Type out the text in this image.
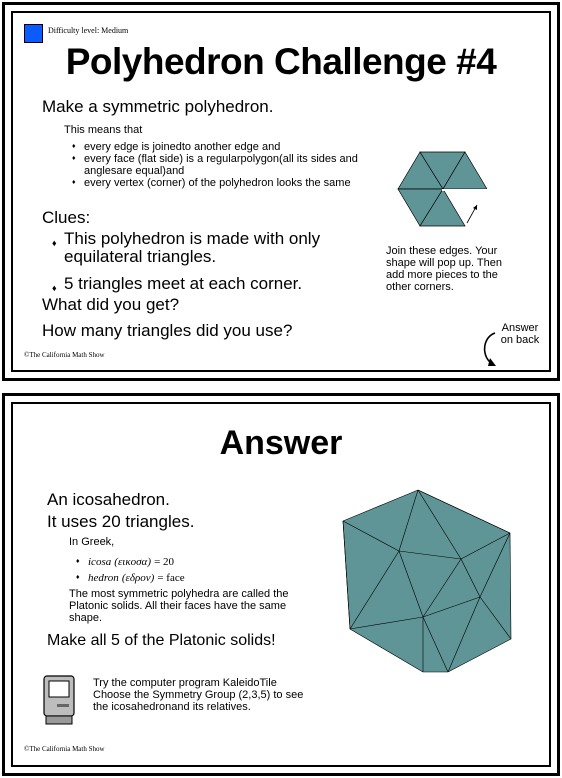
Difficulty level: Medium
Polyhedron Challenge #4
Make a symmetric polyhedron.
This means that
♦ every edge is joinedto another edge and
♦ every face (flat side) is a regularpolygon(all its sides and anglesare equal)and
♦ every vertex (corner) of the polyhedron looks the same
Clues:
♦ This polyhedron is made with only equilateral triangles.
♦ 5 triangles meet at each corner.
What did you get?
How many triangles did you use?
Join these edges. Your shape will pop up. Then add more pieces to the other corners.
Answer on back
©The California Math Show
Answer
An icosahedron.
It uses 20 triangles.
In Greek,
♦ icosa (εικοσα) = 20
♦ hedron (εδρον) = face
The most symmetric polyhedra are called the Platonic solids. All their faces have the same shape.
Make all 5 of the Platonic solids!
Try the computer program KaleidoTile Choose the Symmetry Group (2,3,5) to see the icosahedronand its relatives.
©The California Math Show
